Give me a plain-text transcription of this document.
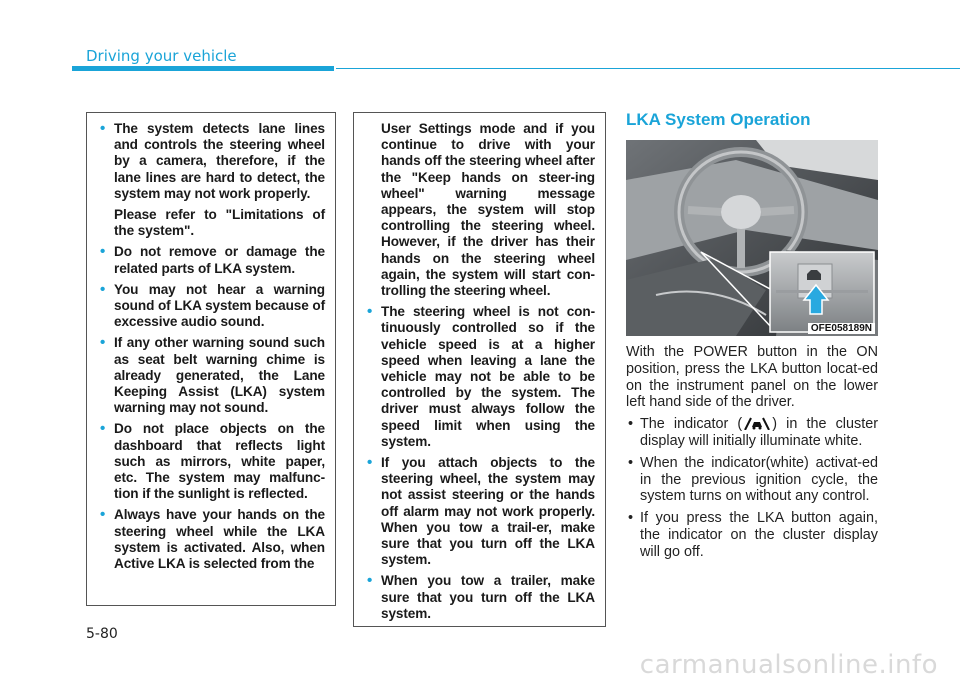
Driving your vehicle
• The system detects lane lines and controls the steering wheel by a camera, therefore, if the lane lines are hard to detect, the system may not work properly.
Please refer to "Limitations of the system".
• Do not remove or damage the related parts of LKA system.
• You may not hear a warning sound of LKA system because of excessive audio sound.
• If any other warning sound such as seat belt warning chime is already generated, the Lane Keeping Assist (LKA) system warning may not sound.
• Do not place objects on the dashboard that reflects light such as mirrors, white paper, etc. The system may malfunc-tion if the sunlight is reflected.
• Always have your hands on the steering wheel while the LKA system is activated. Also, when Active LKA is selected from the
User Settings mode and if you continue to drive with your hands off the steering wheel after the "Keep hands on steer-ing wheel" warning message appears, the system will stop controlling the steering wheel. However, if the driver has their hands on the steering wheel again, the system will start con-trolling the steering wheel.
• The steering wheel is not con-tinuously controlled so if the vehicle speed is at a higher speed when leaving a lane the vehicle may not be able to be controlled by the system. The driver must always follow the speed limit when using the system.
• If you attach objects to the steering wheel, the system may not assist steering or the hands off alarm may not work properly. When you tow a trail-er, make sure that you turn off the LKA system.
• When you tow a trailer, make sure that you turn off the LKA system.
LKA System Operation
OFE058189N

With the POWER button in the ON position, press the LKA button locat-ed on the instrument panel on the lower left hand side of the driver.

• The indicator ( ) in the cluster display will initially illuminate white.
• When the indicator(white) activat-ed in the previous ignition cycle, the system turns on without any control.
• If you press the LKA button again, the indicator on the cluster display will go off.
5-80
carmanualsonline.info
